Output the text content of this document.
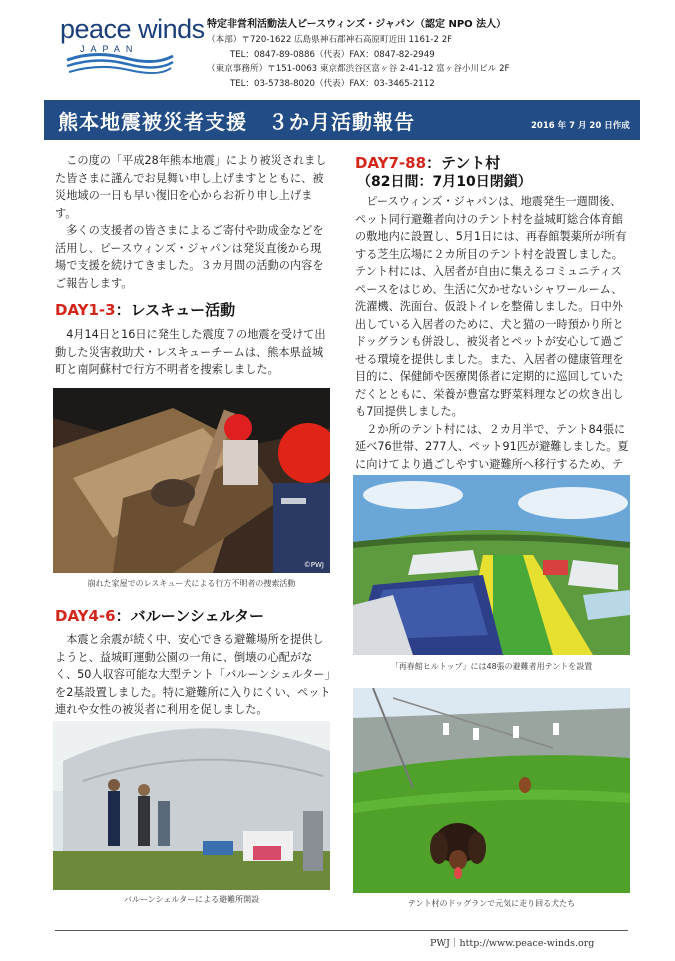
peace winds
JAPAN
特定非営利活動法人ピースウィンズ・ジャパン（認定 NPO 法人）
（本部）〒720-1622 広島県神石郡神石高原町近田 1161-2 2F
TEL：0847-89-0886（代表）FAX：0847-82-2949
（東京事務所）〒151-0063 東京都渋谷区富ヶ谷 2-41-12 富ヶ谷小川ビル 2F
TEL：03-5738-8020（代表）FAX：03-3465-2112
熊本地震被災者支援　３か月活動報告	2016 年 7 月 20 日作成

この度の「平成28年熊本地震」により被災されました皆さまに謹んでお見舞い申し上げますとともに、被災地域の一日も早い復旧を心からお祈り申し上げます。

多くの支援者の皆さまによるご寄付や助成金などを活用し、ピースウィンズ・ジャパンは発災直後から現場で支援を続けてきました。３カ月間の活動の内容をご報告します。

DAY1-3：レスキュー活動

4月14日と16日に発生した震度７の地震を受けて出動した災害救助犬・レスキューチームは、熊本県益城町と南阿蘇村で行方不明者を捜索しました。

©PWJ
崩れた家屋でのレスキュー犬による行方不明者の捜索活動
DAY4-6：バルーンシェルター

本震と余震が続く中、安心できる避難場所を提供しようと、益城町運動公園の一角に、倒壊の心配がなく、50人収容可能な大型テント「バルーンシェルター」を2基設置しました。特に避難所に入りにくい、ペット連れや女性の被災者に利用を促しました。

バルーンシェルターによる避難所開設
DAY7-88：テント村
（82日間：7月10日閉鎖）

ピースウィンズ・ジャパンは、地震発生一週間後、ペット同行避難者向けのテント村を益城町総合体育館の敷地内に設置し、5月1日には、再春館製薬所が所有する芝生広場に２カ所目のテント村を設置しました。テント村には、入居者が自由に集えるコミュニティスペースをはじめ、生活に欠かせないシャワールーム、洗濯機、洗面台、仮設トイレを整備しました。日中外出している入居者のために、犬と猫の一時預かり所とドッグランも併設し、被災者とペットが安心して過ごせる環境を提供しました。また、入居者の健康管理を目的に、保健師や医療関係者に定期的に巡回していただくとともに、栄養が豊富な野菜料理などの炊き出しも7回提供しました。

２か所のテント村には、２カ月半で、テント84張に延べ76世帯、277人、ペット91匹が避難しました。夏に向けてより過ごしやすい避難所へ移行するため、テ

「再春館ヒルトップ」には48張の避難者用テントを設置
テント村のドッグランで元気に走り回る犬たち
PWJ｜http://www.peace-winds.org
